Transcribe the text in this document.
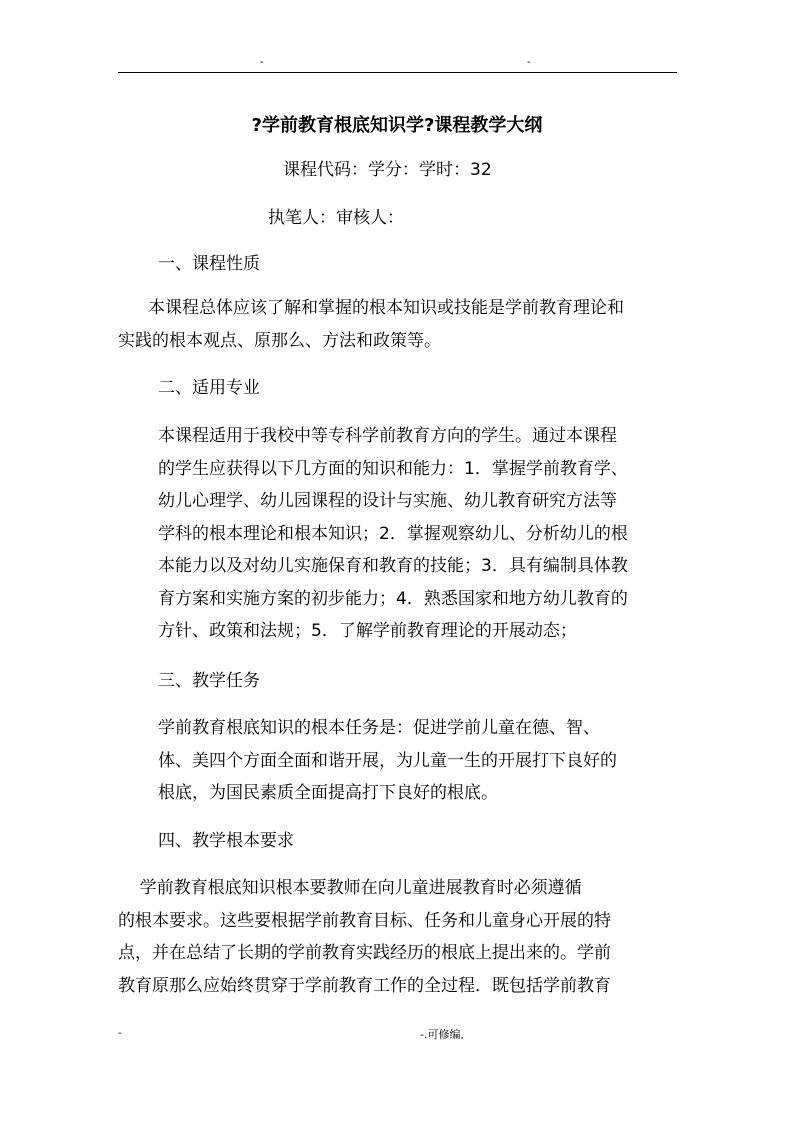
-	-
?学前教育根底知识学?课程教学大纲
课程代码：学分：学时：32
执笔人：审核人：
一、课程性质
本课程总体应该了解和掌握的根本知识或技能是学前教育理论和
实践的根本观点、原那么、方法和政策等。
二、适用专业
本课程适用于我校中等专科学前教育方向的学生。通过本课程
的学生应获得以下几方面的知识和能力：1．掌握学前教育学、
幼儿心理学、幼儿园课程的设计与实施、幼儿教育研究方法等
学科的根本理论和根本知识；2．掌握观察幼儿、分析幼儿的根
本能力以及对幼儿实施保育和教育的技能；3．具有编制具体教
育方案和实施方案的初步能力；4．熟悉国家和地方幼儿教育的
方针、政策和法规；5．了解学前教育理论的开展动态；
三、教学任务
学前教育根底知识的根本任务是：促进学前儿童在德、智、
体、美四个方面全面和谐开展，为儿童一生的开展打下良好的
根底，为国民素质全面提高打下良好的根底。
四、教学根本要求
学前教育根底知识根本要教师在向儿童进展教育时必须遵循
的根本要求。这些要根据学前教育目标、任务和儿童身心开展的特
点，并在总结了长期的学前教育实践经历的根底上提出来的。学前
教育原那么应始终贯穿于学前教育工作的全过程．既包括学前教育
-	-.可修编．
